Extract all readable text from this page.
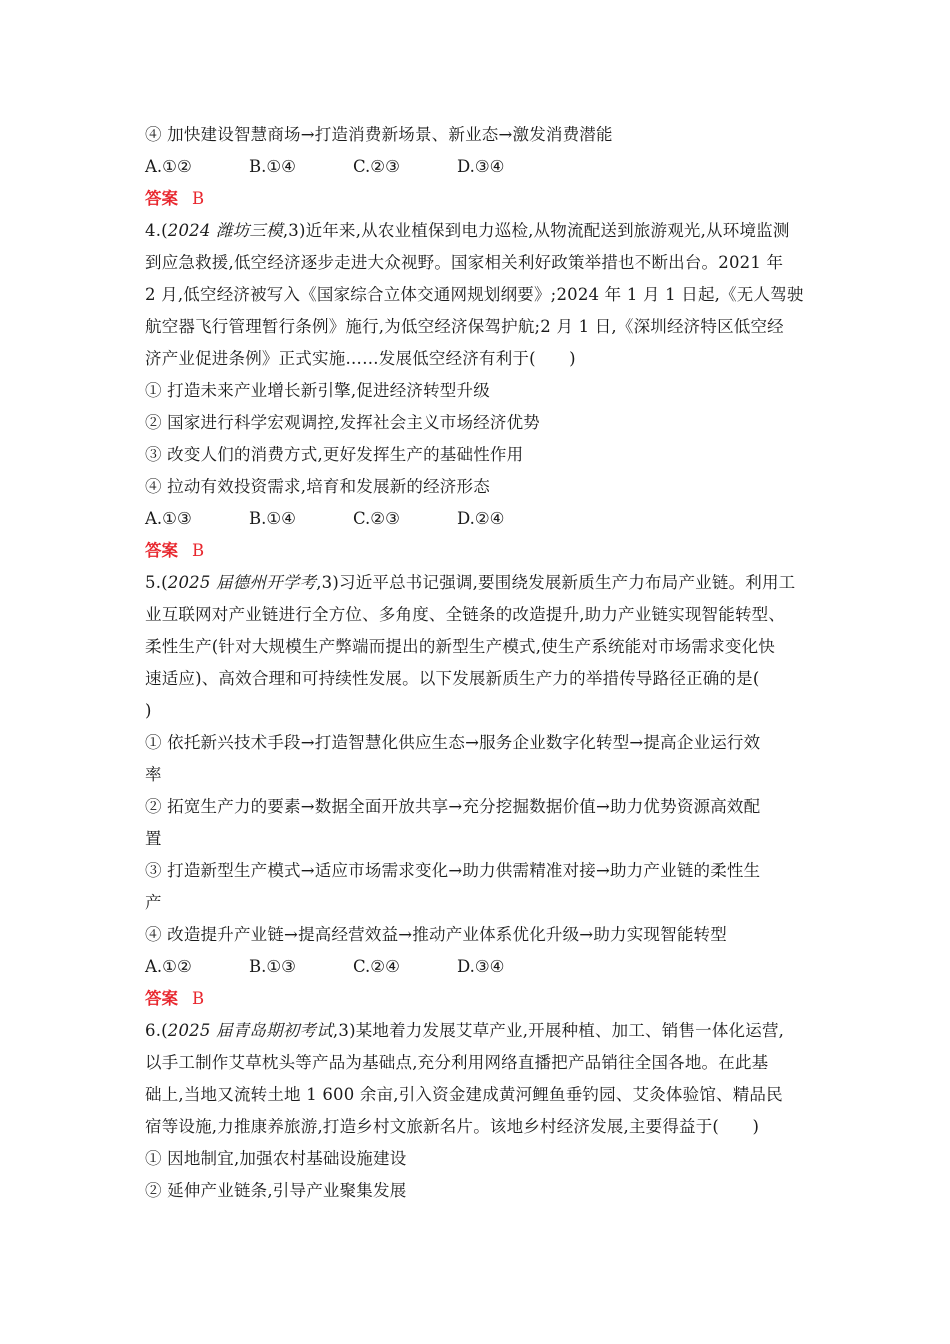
④ 加快建设智慧商场→打造消费新场景、新业态→激发消费潜能
A.①②	B.①④	C.②③	D.③④
答案 B
4.(2024 潍坊三模,3)近年来,从农业植保到电力巡检,从物流配送到旅游观光,从环境监测
到应急救援,低空经济逐步走进大众视野。国家相关利好政策举措也不断出台。2021 年
2 月,低空经济被写入《国家综合立体交通网规划纲要》;2024 年 1 月 1 日起,《无人驾驶
航空器飞行管理暂行条例》施行,为低空经济保驾护航;2 月 1 日,《深圳经济特区低空经
济产业促进条例》正式实施……发展低空经济有利于(　　)
① 打造未来产业增长新引擎,促进经济转型升级
② 国家进行科学宏观调控,发挥社会主义市场经济优势
③ 改变人们的消费方式,更好发挥生产的基础性作用
④ 拉动有效投资需求,培育和发展新的经济形态
A.①③	B.①④	C.②③	D.②④
答案 B
5.(2025 届德州开学考,3)习近平总书记强调,要围绕发展新质生产力布局产业链。利用工
业互联网对产业链进行全方位、多角度、全链条的改造提升,助力产业链实现智能转型、
柔性生产(针对大规模生产弊端而提出的新型生产模式,使生产系统能对市场需求变化快
速适应)、高效合理和可持续性发展。以下发展新质生产力的举措传导路径正确的是(
)
① 依托新兴技术手段→打造智慧化供应生态→服务企业数字化转型→提高企业运行效
率
② 拓宽生产力的要素→数据全面开放共享→充分挖掘数据价值→助力优势资源高效配
置
③ 打造新型生产模式→适应市场需求变化→助力供需精准对接→助力产业链的柔性生
产
④ 改造提升产业链→提高经营效益→推动产业体系优化升级→助力实现智能转型
A.①②	B.①③	C.②④	D.③④
答案 B
6.(2025 届青岛期初考试,3)某地着力发展艾草产业,开展种植、加工、销售一体化运营,
以手工制作艾草枕头等产品为基础点,充分利用网络直播把产品销往全国各地。在此基
础上,当地又流转土地 1 600 余亩,引入资金建成黄河鲤鱼垂钓园、艾灸体验馆、精品民
宿等设施,力推康养旅游,打造乡村文旅新名片。该地乡村经济发展,主要得益于(　　)
① 因地制宜,加强农村基础设施建设
② 延伸产业链条,引导产业聚集发展
